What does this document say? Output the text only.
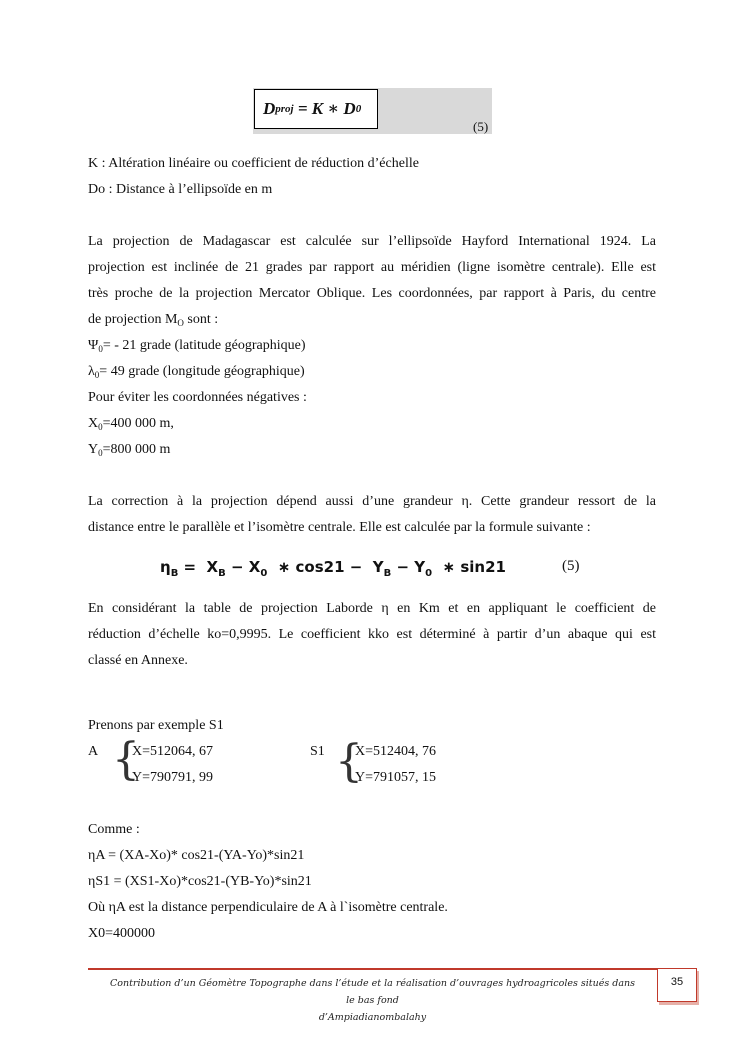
D proj = K ∗ D 0
(5)
K : Altération linéaire ou coefficient de réduction d’échelle
Do : Distance à l’ellipsoïde en m
La projection de Madagascar est calculée sur l’ellipsoïde Hayford International 1924. La
projection est inclinée de 21 grades par rapport au méridien (ligne isomètre centrale). Elle est
très proche de la projection Mercator Oblique. Les coordonnées, par rapport à Paris, du centre
de projection $M_O$ sont :
$\Psi_0= - 21$ grade (latitude géographique)
$\lambda_0= 49$ grade (longitude géographique)
Pour éviter les coordonnées négatives :
$X_0=400$ 000 m,
$Y_0=800$ 000 m
La correction à la projection dépend aussi d’une grandeur η. Cette grandeur ressort de la
distance entre le parallèle et l’isomètre centrale. Elle est calculée par la formule suivante :
$\eta_B = X_B - X_0$  ∗ $\cos 21 - Y_B - Y_0$  ∗ sin21	(5)
En considérant la table de projection Laborde η en Km et en appliquant le coefficient de
réduction d’échelle ko=0,9995. Le coefficient kko est déterminé à partir d’un abaque qui est
classé en Annexe.
Prenons par exemple S1
A {
X=512064, 67
Y=790791, 99
S1 {
X=512404, 76
Y=791057, 15
Comme :
ηA = (XA-Xo)* cos21-(YA-Yo)*sin21
ηS1 = (XS1-Xo)*cos21-(YB-Yo)*sin21
Où ηA est la distance perpendiculaire de A à l`isomètre centrale.
X0=400000
Contribution d’un Géomètre Topographe dans l’étude et la réalisation d’ouvrages hydroagricoles situés dans le bas fond
d’Ampiadianombalahy
35
